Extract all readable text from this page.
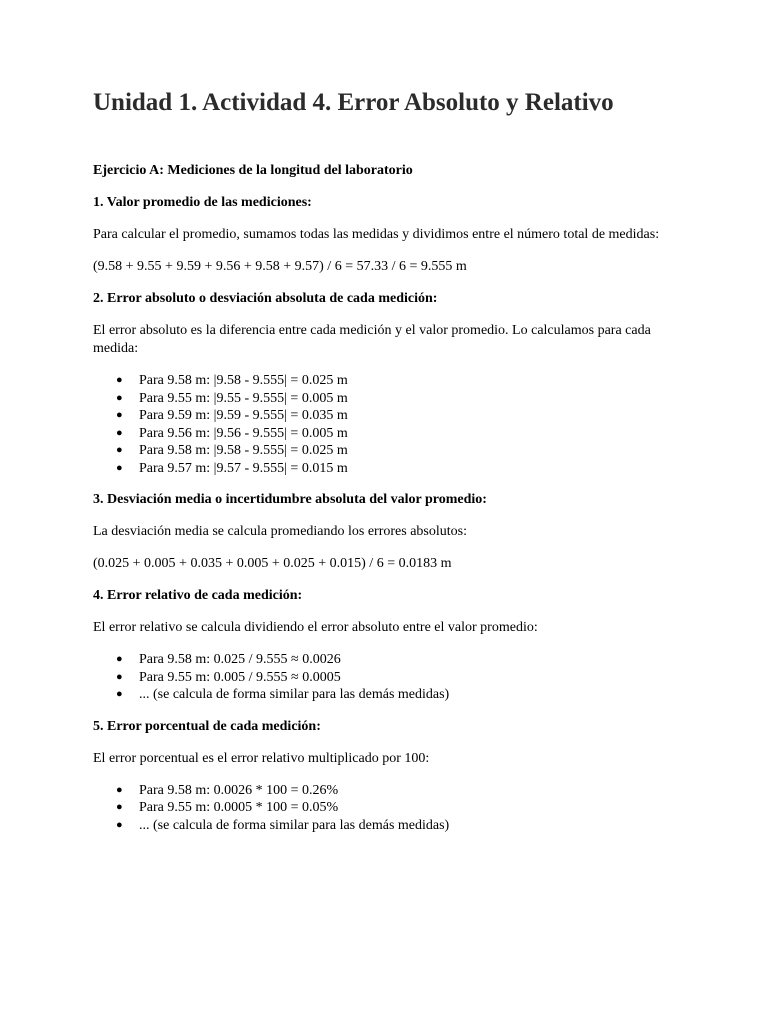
Unidad 1. Actividad 4. Error Absoluto y Relativo
Ejercicio A: Mediciones de la longitud del laboratorio
1. Valor promedio de las mediciones:

Para calcular el promedio, sumamos todas las medidas y dividimos entre el número total de medidas:

(9.58 + 9.55 + 9.59 + 9.56 + 9.58 + 9.57) / 6 = 57.33 / 6 = 9.555 m

2. Error absoluto o desviación absoluta de cada medición:

El error absoluto es la diferencia entre cada medición y el valor promedio. Lo calculamos para cada medida:

● Para 9.58 m: |9.58 - 9.555| = 0.025 m
● Para 9.55 m: |9.55 - 9.555| = 0.005 m
● Para 9.59 m: |9.59 - 9.555| = 0.035 m
● Para 9.56 m: |9.56 - 9.555| = 0.005 m
● Para 9.58 m: |9.58 - 9.555| = 0.025 m
● Para 9.57 m: |9.57 - 9.555| = 0.015 m
3. Desviación media o incertidumbre absoluta del valor promedio:

La desviación media se calcula promediando los errores absolutos:

(0.025 + 0.005 + 0.035 + 0.005 + 0.025 + 0.015) / 6 = 0.0183 m

4. Error relativo de cada medición:

El error relativo se calcula dividiendo el error absoluto entre el valor promedio:

● Para 9.58 m: 0.025 / 9.555 ≈ 0.0026
● Para 9.55 m: 0.005 / 9.555 ≈ 0.0005
● ... (se calcula de forma similar para las demás medidas)
5. Error porcentual de cada medición:

El error porcentual es el error relativo multiplicado por 100:

● Para 9.58 m: 0.0026 * 100 = 0.26%
● Para 9.55 m: 0.0005 * 100 = 0.05%
● ... (se calcula de forma similar para las demás medidas)
